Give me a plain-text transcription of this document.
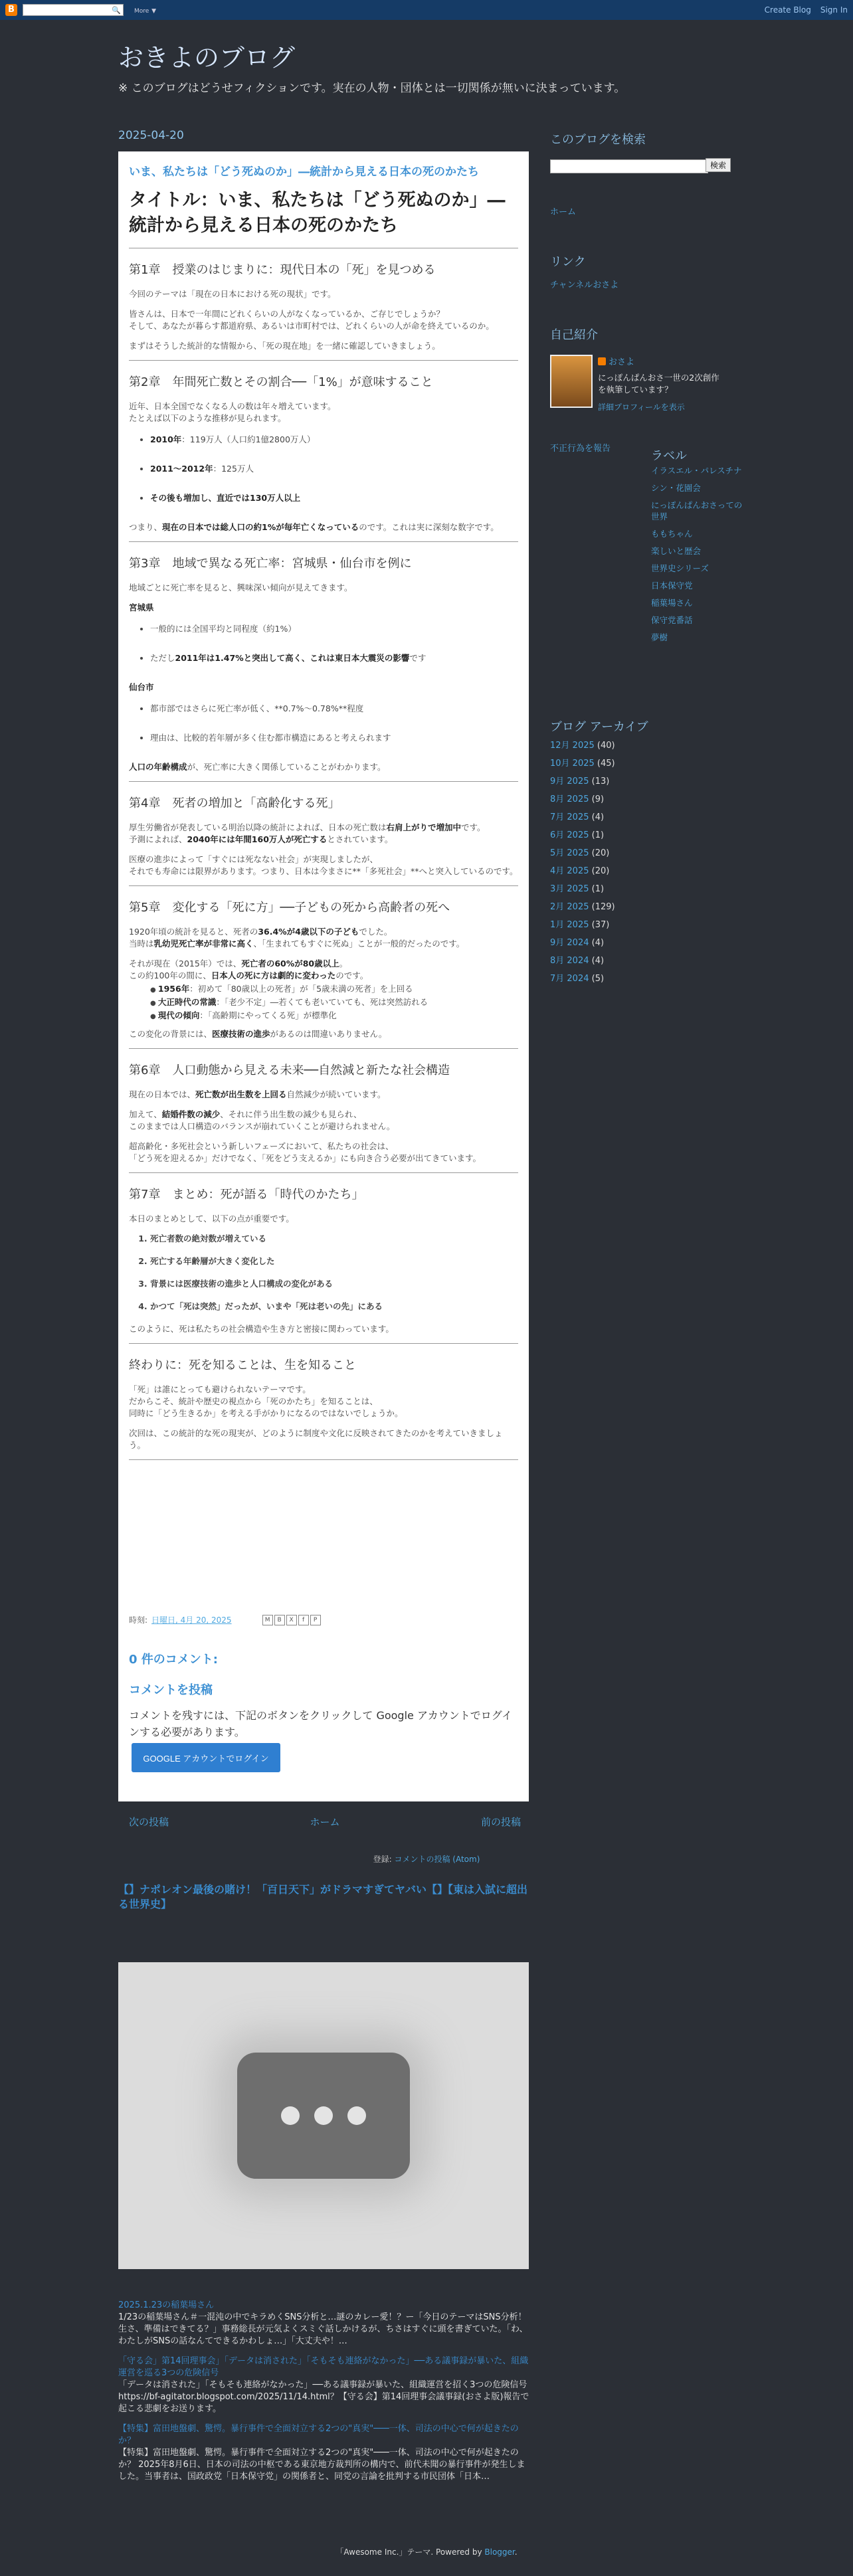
B	🔍 More ▼	Create Blog Sign In
おきよのブログ
※ このブログはどうせフィクションです。実在の人物・団体とは一切関係が無いに決まっています。
2025-04-20
いま、私たちは「どう死ぬのか」―統計から見える日本の死のかたち
タイトル：いま、私たちは「どう死ぬのか」―統計から見える日本の死のかたち
第1章　授業のはじまりに：現代日本の「死」を見つめる

今回のテーマは「現在の日本における死の現状」です。

皆さんは、日本で一年間にどれくらいの人がなくなっているか、ご存じでしょうか？
そして、あなたが暮らす都道府県、あるいは市町村では、どれくらいの人が命を終えているのか。

まずはそうした統計的な情報から、「死の現在地」を一緒に確認していきましょう。

第2章　年間死亡数とその割合──「1%」が意味すること

近年、日本全国でなくなる人の数は年々増えています。
たとえば以下のような推移が見られます。

• 2010年：119万人（人口約1億2800万人）
• 2011〜2012年：125万人
• その後も増加し、直近では130万人以上

つまり、現在の日本では総人口の約1%が毎年亡くなっているのです。これは実に深刻な数字です。

第3章　地域で異なる死亡率：宮城県・仙台市を例に

地域ごとに死亡率を見ると、興味深い傾向が見えてきます。

宮城県

• 一般的には全国平均と同程度（約1%）
• ただし2011年は1.47%と突出して高く、これは東日本大震災の影響です

仙台市

• 都市部ではさらに死亡率が低く、**0.7%〜0.78%**程度
• 理由は、比較的若年層が多く住む都市構造にあると考えられます

人口の年齢構成が、死亡率に大きく関係していることがわかります。

第4章　死者の増加と「高齢化する死」

厚生労働省が発表している明治以降の統計によれば、日本の死亡数は右肩上がりで増加中です。
予測によれば、2040年には年間160万人が死亡するとされています。

医療の進歩によって「すぐには死なない社会」が実現しましたが、
それでも寿命には限界があります。つまり、日本は今まさに**「多死社会」**へと突入しているのです。

第5章　変化する「死に方」──子どもの死から高齢者の死へ

1920年頃の統計を見ると、死者の36.4%が4歳以下の子どもでした。
当時は乳幼児死亡率が非常に高く、「生まれてもすぐに死ぬ」ことが一般的だったのです。

それが現在（2015年）では、死亡者の60%が80歳以上。
この約100年の間に、日本人の死に方は劇的に変わったのです。

● 1956年：初めて「80歳以上の死者」が「5歳未満の死者」を上回る
● 大正時代の常識：「老少不定」―若くても老いていても、死は突然訪れる
● 現代の傾向：「高齢期にやってくる死」が標準化

この変化の背景には、医療技術の進歩があるのは間違いありません。

第6章　人口動態から見える未来──自然減と新たな社会構造

現在の日本では、死亡数が出生数を上回る自然減少が続いています。

加えて、結婚件数の減少、それに伴う出生数の減少も見られ、
このままでは人口構造のバランスが崩れていくことが避けられません。

超高齢化・多死社会という新しいフェーズにおいて、私たちの社会は、
「どう死を迎えるか」だけでなく、「死をどう支えるか」にも向き合う必要が出てきています。

第7章　まとめ：死が語る「時代のかたち」

本日のまとめとして、以下の点が重要です。

1. 死亡者数の絶対数が増えている
2. 死亡する年齢層が大きく変化した
3. 背景には医療技術の進歩と人口構成の変化がある
4. かつて「死は突然」だったが、いまや「死は老いの先」にある

このように、死は私たちの社会構造や生き方と密接に関わっています。

終わりに：死を知ることは、生を知ること

「死」は誰にとっても避けられないテーマです。
だからこそ、統計や歴史の視点から「死のかたち」を知ることは、
同時に「どう生きるか」を考える手がかりになるのではないでしょうか。

次回は、この統計的な死の現実が、どのように制度や文化に反映されてきたのかを考えていきましょう。

時刻: 日曜日, 4月 20, 2025	M	B	X	f	P
0 件のコメント:
コメントを投稿
コメントを残すには、下記のボタンをクリックして Google アカウントでログインする必要があります。
GOOGLE アカウントでログイン
次の投稿	ホーム	前の投稿
登録: コメントの投稿 (Atom)
【】ナポレオン最後の賭け！「百日天下」がドラマすぎてヤバい【】【東は入試に超出る世界史】
2025.1.23の稲葉場さん
1/23の稲葉場さん＃一混沌の中でキラめくSNS分析と…謎のカレー愛！？ー「今日のテーマはSNS分析！生さ、準備はできてる？」事務総長が元気よくスミぐ話しかけるが、ちさはすぐに頭を書ぎていた。「わ、わたしがSNSの話なんてできるかわしょ…」「大丈夫や！…
「守る会」第14回理事会」「データは消された」「そもそも連絡がなかった」──ある議事録が暴いた、組織運営を巡る3つの危険信号
「データは消された」「そもそも連絡がなかった」──ある議事録が暴いた、組織運営を招く3つの危険信号 https://bf-agitator.blogspot.com/2025/11/14.html？【守る会】第14回理事会議事録(おさよ版)報告で起こる悲劇をお送ります。
【特集】富田地盤劇、驚愕。暴行事件で全面対立する2つの"真実"───一体、司法の中心で何が起きたのか？
【特集】富田地盤劇、驚愕。暴行事件で全面対立する2つの"真実"───一体、司法の中心で何が起きたのか？ 2025年8月6日、日本の司法の中枢である東京地方裁判所の構内で、前代未聞の暴行事件が発生しました。当事者は、国政政党「日本保守党」の関係者と、同党の言論を批判する市民団体「日本…
「Awesome Inc.」テーマ. Powered by Blogger.
このブログを検索
検索
ホーム
リンク
チャンネルおさよ
自己紹介
おさよ
にっぽんぱんおさ一世の2次創作を執筆しています？
詳細プロフィールを表示
不正行為を報告
ラベル
イラスエル・パレスチナ
シン・花園会
にっぽんぱんおさっての世界
ももちゃん
楽しいと歴会
世界史シリーズ
日本保守党
稲葉場さん
保守党番話
夢樹
ブログ アーカイブ
12月 2025 (40)
10月 2025 (45)
9月 2025 (13)
8月 2025 (9)
7月 2025 (4)
6月 2025 (1)
5月 2025 (20)
4月 2025 (20)
3月 2025 (1)
2月 2025 (129)
1月 2025 (37)
9月 2024 (4)
8月 2024 (4)
7月 2024 (5)
